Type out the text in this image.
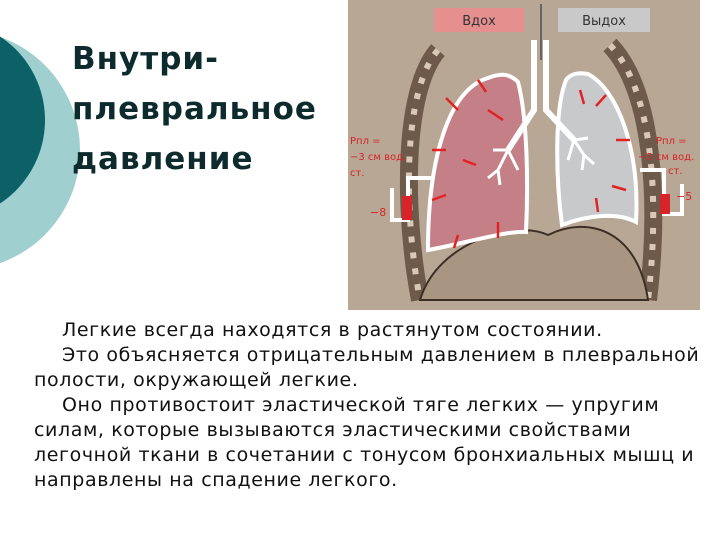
Внутри-
плевральное
давление
Вдох	Выдох
Pпл =
−3 см вод.
ст.
−8
Pпл =
−5 см вод.
ст.
−5

Легкие всегда находятся в растянутом состоянии.

Это объясняется отрицательным давлением в плевральной полости, окружающей легкие.

Оно противостоит эластической тяге легких — упругим силам, которые вызываются эластическими свойствами легочной ткани в сочетании с тонусом бронхиальных мышц и направлены на спадение легкого.
